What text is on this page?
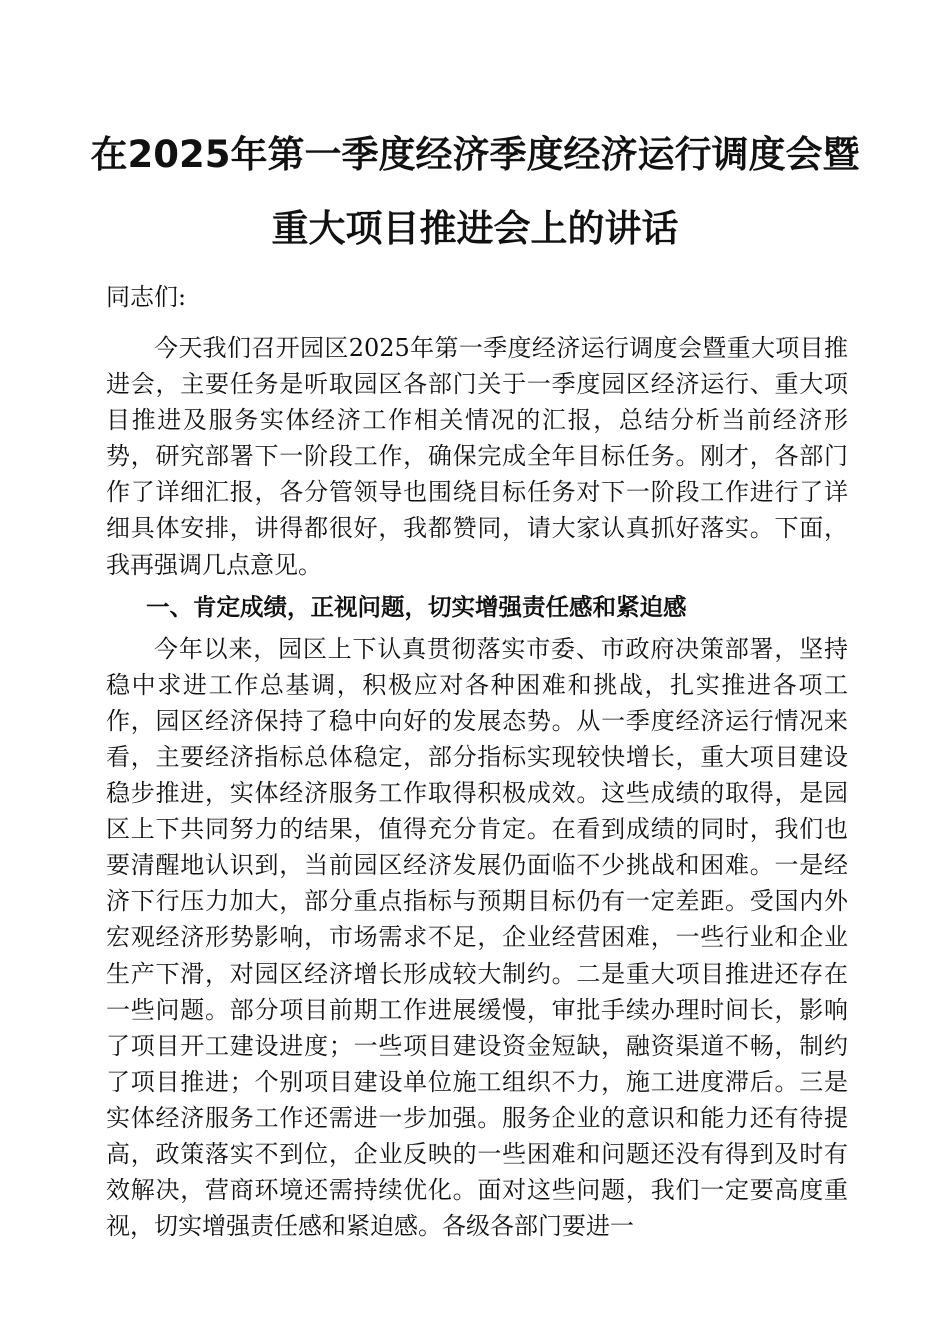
在2025年第一季度经济季度经济运行调度会暨
重大项目推进会上的讲话
同志们:

今天我们召开园区2025年第一季度经济运行调度会暨重大项目推进会，主要任务是听取园区各部门关于一季度园区经济运行、重大项目推进及服务实体经济工作相关情况的汇报，总结分析当前经济形势，研究部署下一阶段工作，确保完成全年目标任务。刚才，各部门作了详细汇报，各分管领导也围绕目标任务对下一阶段工作进行了详细具体安排，讲得都很好，我都赞同，请大家认真抓好落实。下面，我再强调几点意见。

一、肯定成绩，正视问题，切实增强责任感和紧迫感

今年以来，园区上下认真贯彻落实市委、市政府决策部署，坚持稳中求进工作总基调，积极应对各种困难和挑战，扎实推进各项工作，园区经济保持了稳中向好的发展态势。从一季度经济运行情况来看，主要经济指标总体稳定，部分指标实现较快增长，重大项目建设稳步推进，实体经济服务工作取得积极成效。这些成绩的取得，是园区上下共同努力的结果，值得充分肯定。在看到成绩的同时，我们也要清醒地认识到，当前园区经济发展仍面临不少挑战和困难。一是经济下行压力加大，部分重点指标与预期目标仍有一定差距。受国内外宏观经济形势影响，市场需求不足，企业经营困难，一些行业和企业生产下滑，对园区经济增长形成较大制约。二是重大项目推进还存在一些问题。部分项目前期工作进展缓慢，审批手续办理时间长，影响了项目开工建设进度；一些项目建设资金短缺，融资渠道不畅，制约了项目推进；个别项目建设单位施工组织不力，施工进度滞后。三是实体经济服务工作还需进一步加强。服务企业的意识和能力还有待提高，政策落实不到位，企业反映的一些困难和问题还没有得到及时有效解决，营商环境还需持续优化。面对这些问题，我们一定要高度重视，切实增强责任感和紧迫感。各级各部门要进一
